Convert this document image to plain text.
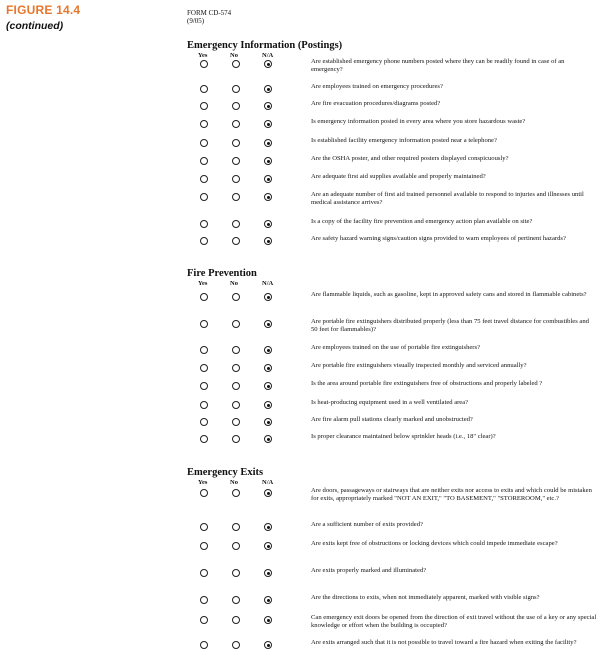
FIGURE 14.4
(continued)
FORM CD-574
(9/05)
Emergency Information (Postings)
Yes	No	N/A
Are established emergency phone numbers posted where they can be readily found in case of an emergency?
Are employees trained on emergency procedures?
Are fire evacuation procedures/diagrams posted?
Is emergency information posted in every area where you store hazardous waste?
Is established facility emergency information posted near a telephone?
Are the OSHA poster, and other required posters displayed conspicuously?
Are adequate first aid supplies available and properly maintained?
Are an adequate number of first aid trained personnel available to respond to injuries and illnesses until medical assistance arrives?
Is a copy of the facility fire prevention and emergency action plan available on site?
Are safety hazard warning signs/caution signs provided to warn employees of pertinent hazards?
Fire Prevention
Yes	No	N/A
Are flammable liquids, such as gasoline, kept in approved safety cans and stored in flammable cabinets?
Are portable fire extinguishers distributed properly (less than 75 feet travel distance for combustibles and 50 feet for flammables)?
Are employees trained on the use of portable fire extinguishers?
Are portable fire extinguishers visually inspected monthly and serviced annually?
Is the area around portable fire extinguishers free of obstructions and properly labeled ?
Is heat-producing equipment used in a well ventilated area?
Are fire alarm pull stations clearly marked and unobstructed?
Is proper clearance maintained below sprinkler heads (i.e., 18" clear)?
Emergency Exits
Yes	No	N/A
Are doors, passageways or stairways that are neither exits nor access to exits and which could be mistaken for exits, appropriately marked "NOT AN EXIT," "TO BASEMENT," "STOREROOM," etc.?
Are a sufficient number of exits provided?
Are exits kept free of obstructions or locking devices which could impede immediate escape?
Are exits properly marked and illuminated?
Are the directions to exits, when not immediately apparent, marked with visible signs?
Can emergency exit doors be opened from the direction of exit travel without the use of a key or any special knowledge or effort when the building is occupied?
Are exits arranged such that it is not possible to travel toward a fire hazard when exiting the facility?
